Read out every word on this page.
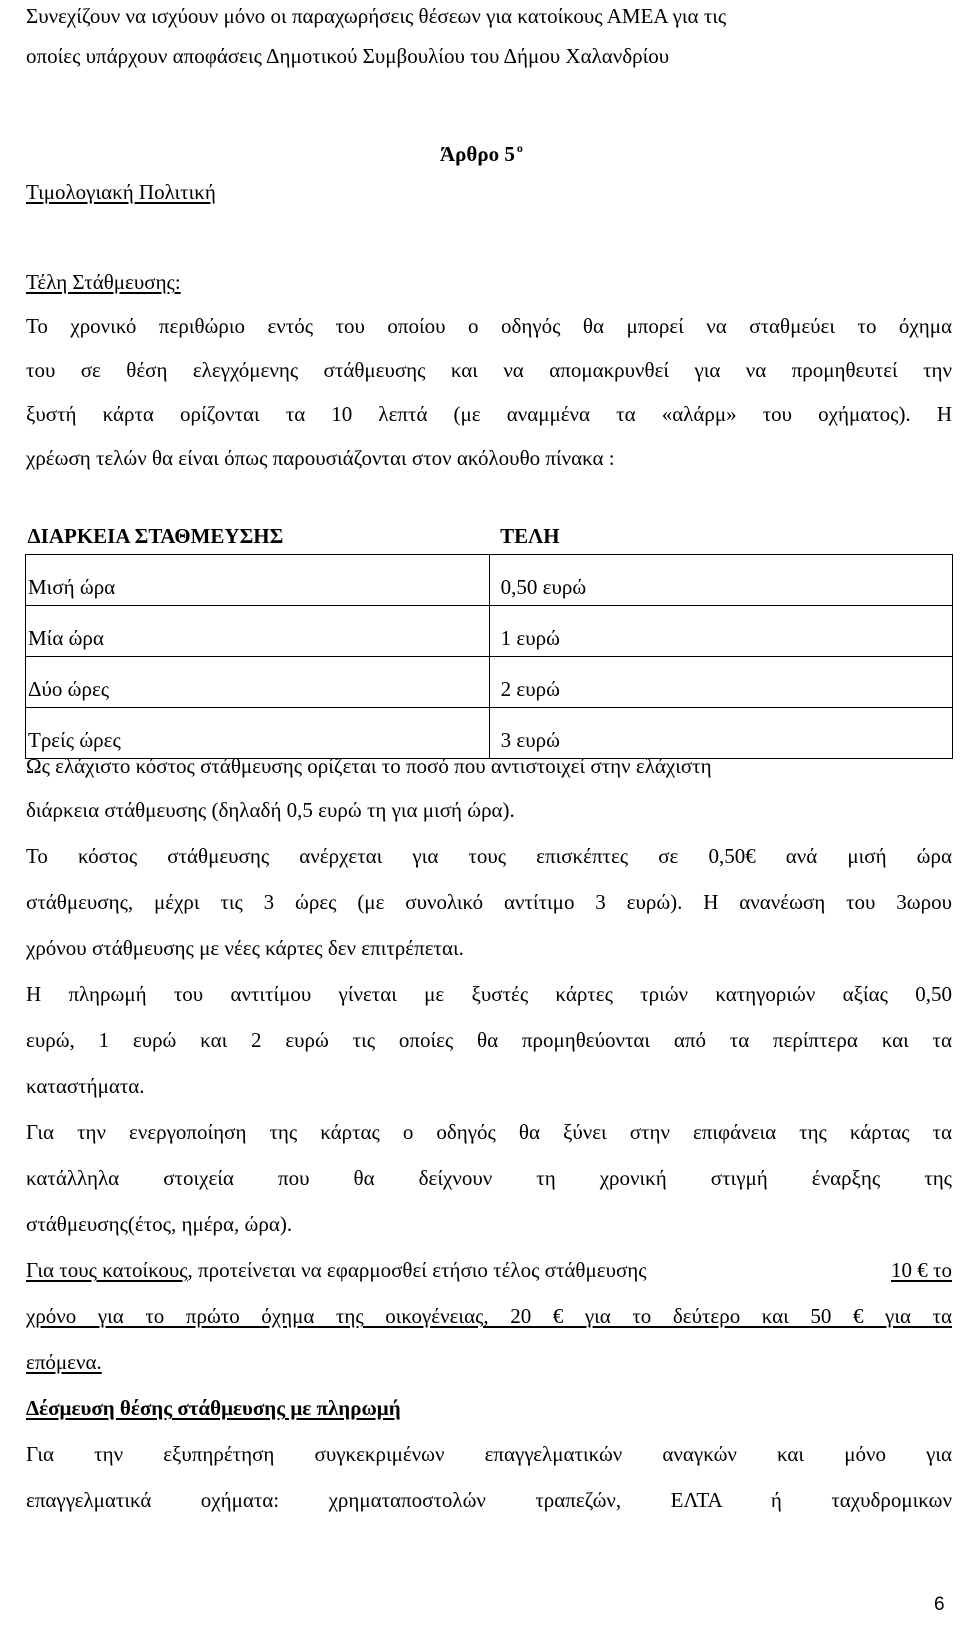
Συνεχίζουν να ισχύουν μόνο οι παραχωρήσεις θέσεων για κατοίκους ΑΜΕΑ για τις
οποίες υπάρχουν αποφάσεις Δημοτικού Συμβουλίου του Δήμου Χαλανδρίου
Άρθρο 5 $^o$
Τιμολογιακή Πολιτική
Τέλη Στάθμευσης:
Το χρονικό περιθώριο εντός του οποίου ο οδηγός θα μπορεί να σταθμεύει το όχημα
του σε θέση ελεγχόμενης στάθμευσης και να απομακρυνθεί για να προμηθευτεί την
ξυστή κάρτα ορίζονται τα 10 λεπτά (με αναμμένα τα «αλάρμ» του οχήματος). Η
χρέωση τελών θα είναι όπως παρουσιάζονται στον ακόλουθο πίνακα :
ΔΙΑΡΚΕΙΑ ΣΤΑΘΜΕΥΣΗΣ	ΤΕΛΗ
Μισή ώρα	0,50 ευρώ
Μία ώρα	1 ευρώ
Δύο ώρες	2 ευρώ
Τρείς ώρες	3 ευρώ
Ως ελάχιστο κόστος στάθμευσης ορίζεται το ποσό που αντιστοιχεί στην ελάχιστη
διάρκεια στάθμευσης (δηλαδή 0,5 ευρώ τη για μισή ώρα).
Το κόστος στάθμευσης ανέρχεται για τους επισκέπτες σε 0,50€ ανά μισή ώρα
στάθμευσης, μέχρι τις 3 ώρες (με συνολικό αντίτιμο 3 ευρώ). Η ανανέωση του 3ωρου
χρόνου στάθμευσης με νέες κάρτες δεν επιτρέπεται.
Η πληρωμή του αντιτίμου γίνεται με ξυστές κάρτες τριών κατηγοριών αξίας 0,50
ευρώ, 1 ευρώ και 2 ευρώ τις οποίες θα προμηθεύονται από τα περίπτερα και τα
καταστήματα.
Για την ενεργοποίηση της κάρτας ο οδηγός θα ξύνει στην επιφάνεια της κάρτας τα
κατάλληλα στοιχεία που θα δείχνουν τη χρονική στιγμή έναρξης της
στάθμευσης(έτος, ημέρα, ώρα).
Για τους κατοίκους, προτείνεται να εφαρμοσθεί ετήσιο τέλος στάθμευσης	10 € το
χρόνο για το πρώτο όχημα της οικογένειας, 20 € για το δεύτερο και 50 € για τα
επόμενα.
Δέσμευση θέσης στάθμευσης με πληρωμή
Για την εξυπηρέτηση συγκεκριμένων επαγγελματικών αναγκών και μόνο για
επαγγελματικά οχήματα: χρηματαποστολών τραπεζών, ΕΛΤΑ ή ταχυδρομικων
6
